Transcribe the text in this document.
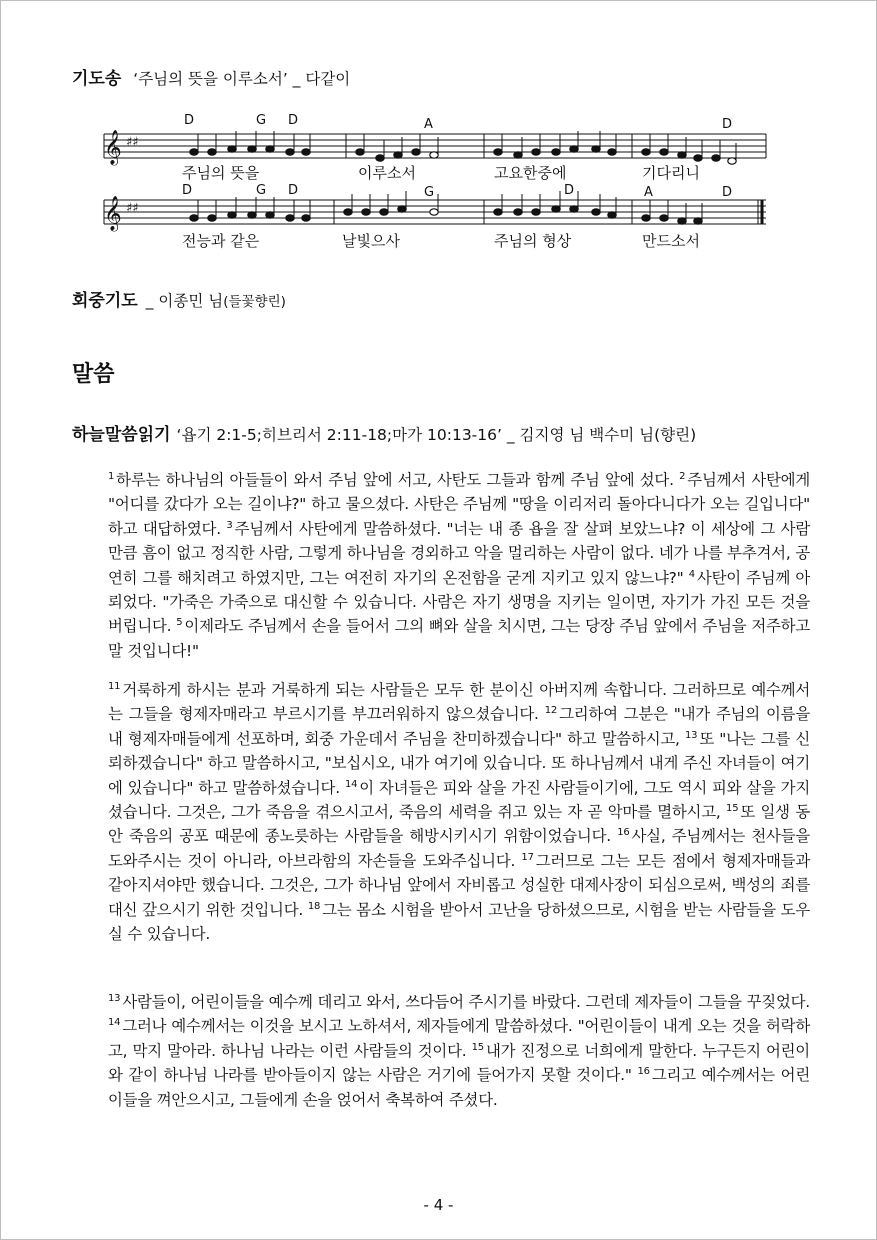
기도송 ‘주님의 뜻을 이루소서’ _ 다같이
𝄞 ♯♯
𝄞 ♯♯
D	G D	A	D
D	G D	G	D	A	D
주님의 뜻을	이루소서	고요한중에	기다리니
전능과 같은	날빛으사	주님의 형상	만드소서
회중기도 _ 이종민 님(들꽃향린)
말씀
하늘말씀읽기 ‘욥기 2:1-5;히브리서 2:11-18;마가 10:13-16’ _ 김지영 님 백수미 님(향린)
$^1$ 하루는 하나님의 아들들이 와서 주님 앞에 서고, 사탄도 그들과 함께 주님 앞에 섰다. $^2$ 주님께서 사탄에게 "어디를 갔다가 오는 길이냐?" 하고 물으셨다. 사탄은 주님께 "땅을 이리저리 돌아다니다가 오는 길입니다" 하고 대답하였다. $^3$ 주님께서 사탄에게 말씀하셨다. "너는 내 종 욥을 잘 살펴 보았느냐? 이 세상에 그 사람만큼 흠이 없고 정직한 사람, 그렇게 하나님을 경외하고 악을 멀리하는 사람이 없다. 네가 나를 부추겨서, 공연히 그를 해치려고 하였지만, 그는 여전히 자기의 온전함을 굳게 지키고 있지 않느냐?" $^4$ 사탄이 주님께 아뢰었다. "가죽은 가죽으로 대신할 수 있습니다. 사람은 자기 생명을 지키는 일이면, 자기가 가진 모든 것을 버립니다. $^5$ 이제라도 주님께서 손을 들어서 그의 뼈와 살을 치시면, 그는 당장 주님 앞에서 주님을 저주하고 말 것입니다!"
$^{11}$ 거룩하게 하시는 분과 거룩하게 되는 사람들은 모두 한 분이신 아버지께 속합니다. 그러하므로 예수께서는 그들을 형제자매라고 부르시기를 부끄러워하지 않으셨습니다. $^{12}$ 그리하여 그분은 "내가 주님의 이름을 내 형제자매들에게 선포하며, 회중 가운데서 주님을 찬미하겠습니다" 하고 말씀하시고, $^{13}$ 또 "나는 그를 신뢰하겠습니다" 하고 말씀하시고, "보십시오, 내가 여기에 있습니다. 또 하나님께서 내게 주신 자녀들이 여기에 있습니다" 하고 말씀하셨습니다. $^{14}$ 이 자녀들은 피와 살을 가진 사람들이기에, 그도 역시 피와 살을 가지셨습니다. 그것은, 그가 죽음을 겪으시고서, 죽음의 세력을 쥐고 있는 자 곧 악마를 멸하시고, $^{15}$ 또 일생 동안 죽음의 공포 때문에 종노릇하는 사람들을 해방시키시기 위함이었습니다. $^{16}$ 사실, 주님께서는 천사들을 도와주시는 것이 아니라, 아브라함의 자손들을 도와주십니다. $^{17}$ 그러므로 그는 모든 점에서 형제자매들과 같아지셔야만 했습니다. 그것은, 그가 하나님 앞에서 자비롭고 성실한 대제사장이 되심으로써, 백성의 죄를 대신 갚으시기 위한 것입니다. $^{18}$ 그는 몸소 시험을 받아서 고난을 당하셨으므로, 시험을 받는 사람들을 도우실 수 있습니다.
$^{13}$ 사람들이, 어린이들을 예수께 데리고 와서, 쓰다듬어 주시기를 바랐다. 그런데 제자들이 그들을 꾸짖었다. $^{14}$ 그러나 예수께서는 이것을 보시고 노하셔서, 제자들에게 말씀하셨다. "어린이들이 내게 오는 것을 허락하고, 막지 말아라. 하나님 나라는 이런 사람들의 것이다. $^{15}$ 내가 진정으로 너희에게 말한다. 누구든지 어린이와 같이 하나님 나라를 받아들이지 않는 사람은 거기에 들어가지 못할 것이다." $^{16}$ 그리고 예수께서는 어린이들을 껴안으시고, 그들에게 손을 얹어서 축복하여 주셨다.
- 4 -
